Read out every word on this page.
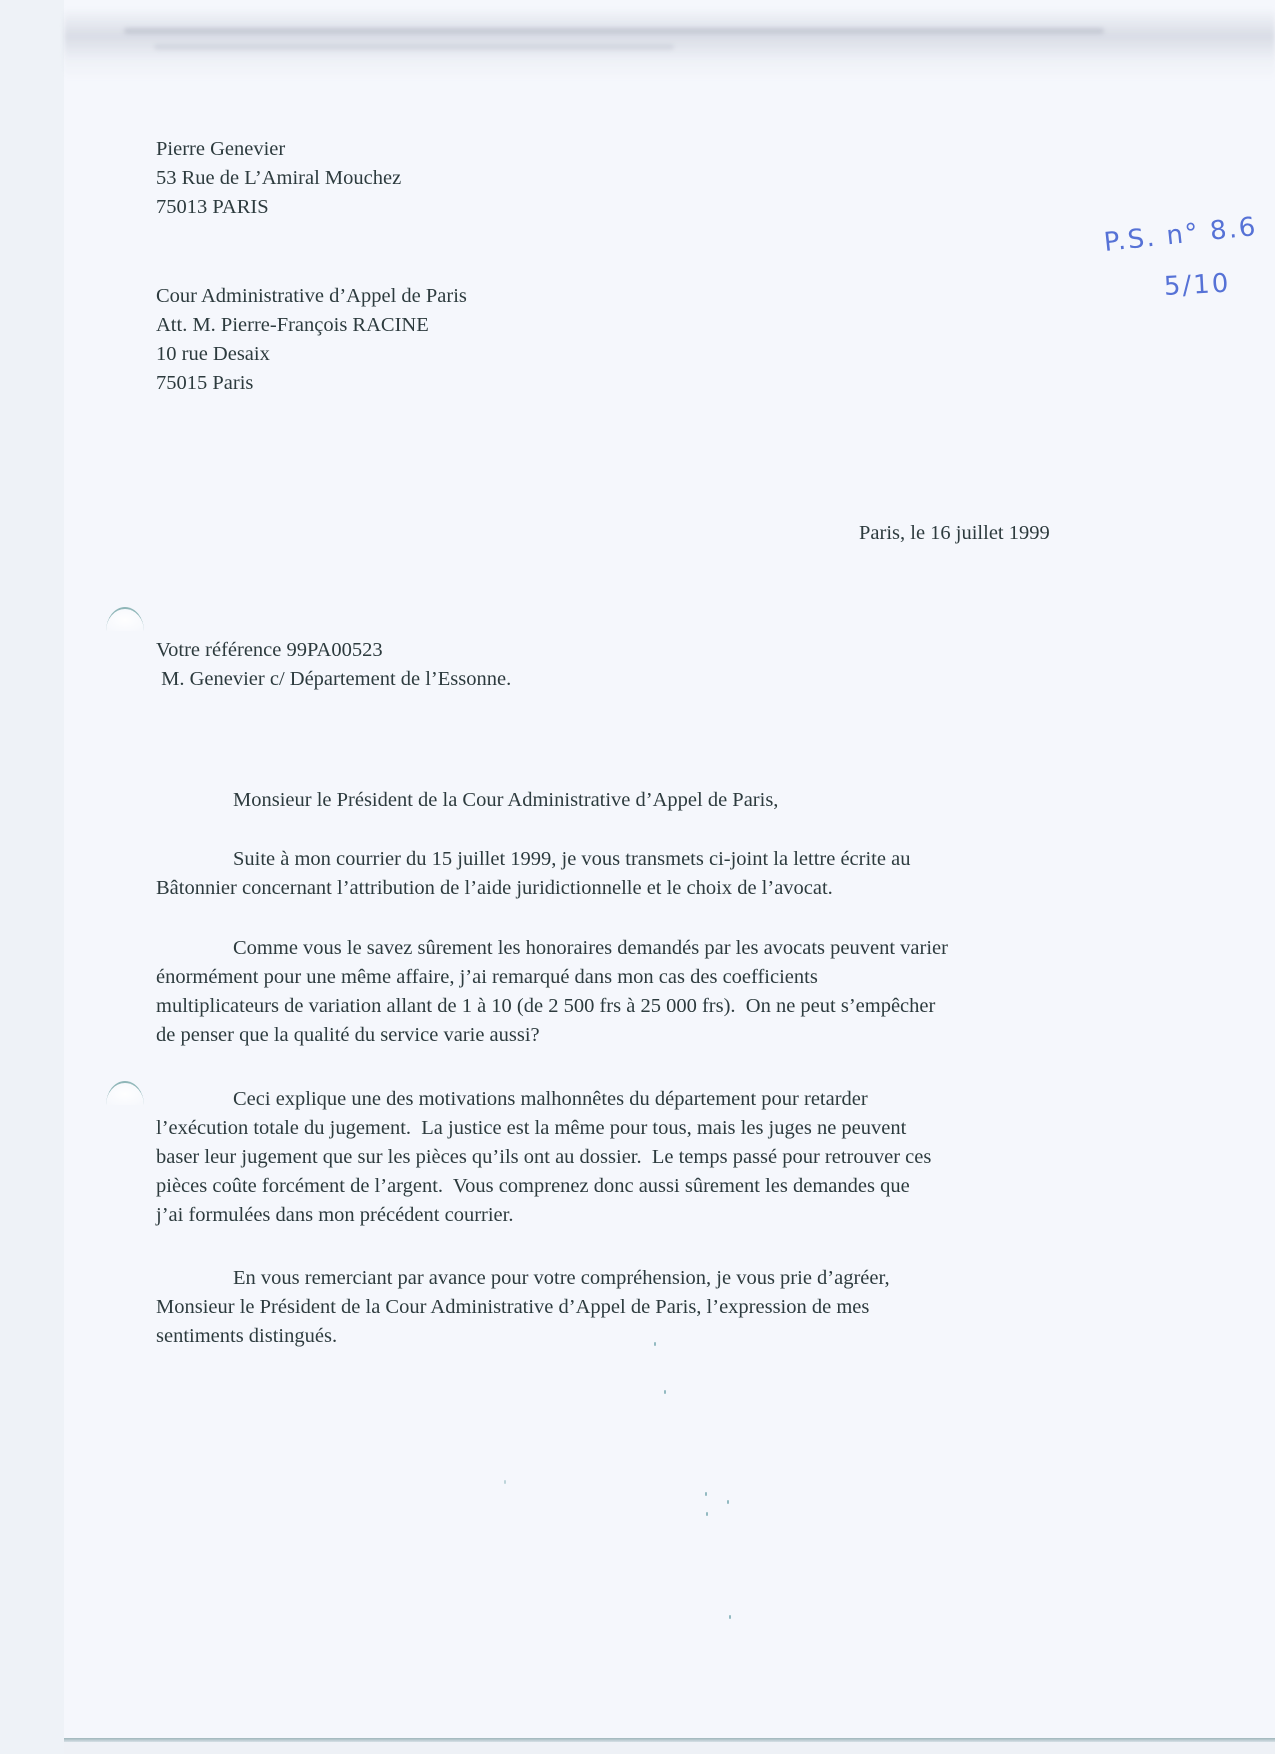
Pierre Genevier
53 Rue de L’Amiral Mouchez
75013 PARIS
P.S. n° 8.6
5/10
Cour Administrative d’Appel de Paris
Att. M. Pierre-François RACINE
10 rue Desaix
75015 Paris
Paris, le 16 juillet 1999
Votre référence 99PA00523
M. Genevier c/ Département de l’Essonne.
Monsieur le Président de la Cour Administrative d’Appel de Paris,
Suite à mon courrier du 15 juillet 1999, je vous transmets ci-joint la lettre écrite au
Bâtonnier concernant l’attribution de l’aide juridictionnelle et le choix de l’avocat.
Comme vous le savez sûrement les honoraires demandés par les avocats peuvent varier
énormément pour une même affaire, j’ai remarqué dans mon cas des coefficients
multiplicateurs de variation allant de 1 à 10 (de 2 500 frs à 25 000 frs).  On ne peut s’empêcher
de penser que la qualité du service varie aussi?
Ceci explique une des motivations malhonnêtes du département pour retarder
l’exécution totale du jugement.  La justice est la même pour tous, mais les juges ne peuvent
baser leur jugement que sur les pièces qu’ils ont au dossier.  Le temps passé pour retrouver ces
pièces coûte forcément de l’argent.  Vous comprenez donc aussi sûrement les demandes que
j’ai formulées dans mon précédent courrier.
En vous remerciant par avance pour votre compréhension, je vous prie d’agréer,
Monsieur le Président de la Cour Administrative d’Appel de Paris, l’expression de mes
sentiments distingués.
